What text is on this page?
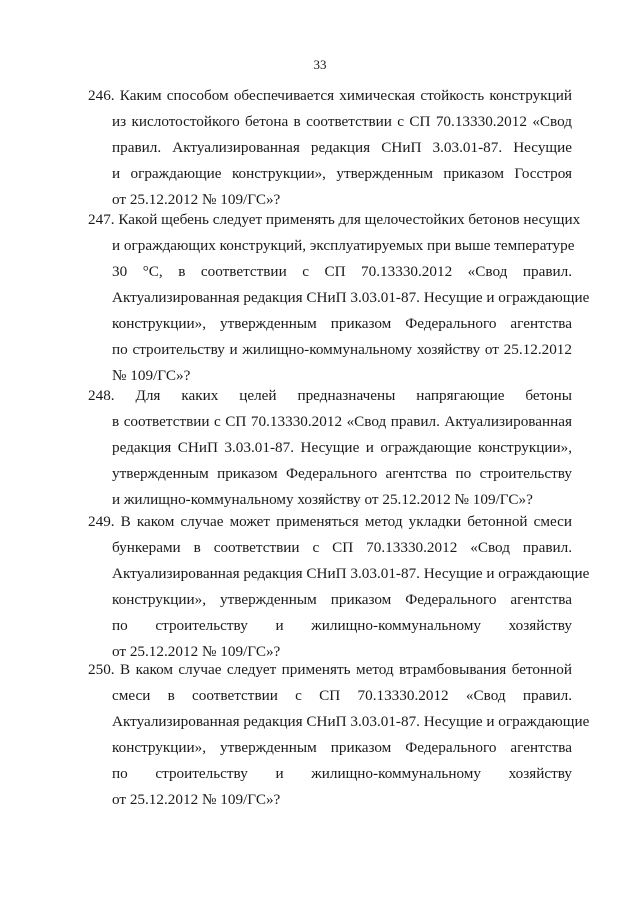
33
246. Каким способом обеспечивается химическая стойкость конструкций
из кислотостойкого бетона в соответствии с СП 70.13330.2012 «Свод
правил. Актуализированная редакция СНиП 3.03.01-87. Несущие
и ограждающие конструкции», утвержденным приказом Госстроя
от 25.12.2012 № 109/ГС»?
247. Какой щебень следует применять для щелочестойких бетонов несущих
и ограждающих конструкций, эксплуатируемых при выше температуре
30 °С, в соответствии с СП 70.13330.2012 «Свод правил.
Актуализированная редакция СНиП 3.03.01-87. Несущие и ограждающие
конструкции», утвержденным приказом Федерального агентства
по строительству и жилищно-коммунальному хозяйству от 25.12.2012
№ 109/ГС»?
248. Для каких целей предназначены напрягающие бетоны
в соответствии с СП 70.13330.2012 «Свод правил. Актуализированная
редакция СНиП 3.03.01-87. Несущие и ограждающие конструкции»,
утвержденным приказом Федерального агентства по строительству
и жилищно-коммунальному хозяйству от 25.12.2012 № 109/ГС»?
249. В каком случае может применяться метод укладки бетонной смеси
бункерами в соответствии с СП 70.13330.2012 «Свод правил.
Актуализированная редакция СНиП 3.03.01-87. Несущие и ограждающие
конструкции», утвержденным приказом Федерального агентства
по строительству и жилищно-коммунальному хозяйству
от 25.12.2012 № 109/ГС»?
250. В каком случае следует применять метод втрамбовывания бетонной
смеси в соответствии с СП 70.13330.2012 «Свод правил.
Актуализированная редакция СНиП 3.03.01-87. Несущие и ограждающие
конструкции», утвержденным приказом Федерального агентства
по строительству и жилищно-коммунальному хозяйству
от 25.12.2012 № 109/ГС»?
